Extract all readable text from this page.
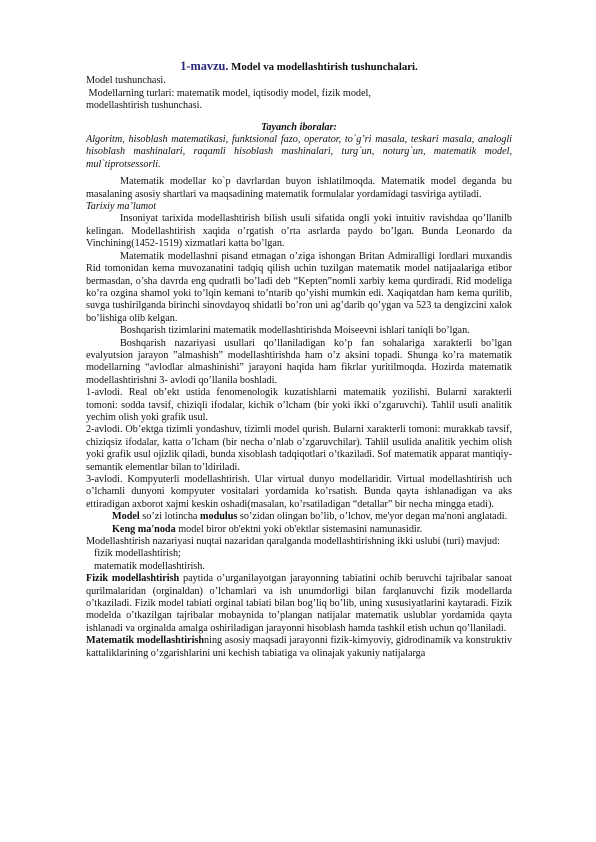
1-mavzu. Model va modellashtirish tushunchalari.
Model tushunchasi.
Modellarning turlari: matematik model, iqtisodiy model, fizik model,
modellashtirish tushunchasi.
Tayanch iboralar:

Algoritm, hisoblash matematikasi, funktsional fazo, operator, to`g’ri masala, teskari masala, analogli hisoblash mashinalari, raqamli hisoblash mashinalari, turg`un, noturg`un, matematik model, mul`tiprotsessorli.

Matematik modellar ko`p davrlardan buyon ishlatilmoqda. Matematik model deganda bu masalaning asosiy shartlari va maqsadining matematik formulalar yordamidagi tasviriga aytiladi.

Tarixiy ma’lumot

Insoniyat tarixida modellashtirish bilish usuli sifatida ongli yoki intuitiv ravishdaa qo’llanilb kelingan. Modellashtirish xaqida o’rgatish o’rta asrlarda paydo bo’lgan. Bunda Leonardo da Vinchining(1452-1519) xizmatlari katta bo’lgan.

Matematik modellashni pisand etmagan o’ziga ishongan Britan Admiralligi lordlari muxandis Rid tomonidan kema muvozanatini tadqiq qilish uchin tuzilgan matematik model natijaalariga etibor bermasdan, o’sha davrda eng qudratli bo’ladi deb “Kepten”nomli xarbiy kema qurdiradi. Rid modeliga ko’ra ozgina shamol yoki to’lqin kemani to’ntarib qo’yishi mumkin edi. Xaqiqatdan ham kema qurilib, suvga tushirilganda birinchi sinovdayoq shidatli bo’ron uni ag’darib qo’ygan va 523 ta dengizcini xalok bo’lishiga olib kelgan.

Boshqarish tizimlarini matematik modellashtirishda Moiseevni ishlari taniqli bo’lgan.

Boshqarish nazariyasi usullari qo’llaniladigan ko’p fan sohalariga xarakterli bo’lgan evalyutsion jarayon ”almashish” modellashtirishda ham o’z aksini topadi. Shunga ko’ra matematik modellarning “avlodlar almashinishi” jarayoni haqida ham fikrlar yuritilmoqda. Hozirda matematik modellashtirishni 3- avlodi qo’llanila boshladi.

1-avlodi. Real ob’ekt ustida fenomenologik kuzatishlarni matematik yozilishi. Bularni xarakterli tomoni: sodda tavsif, chiziqli ifodalar, kichik o’lcham (bir yoki ikki o’zgaruvchi). Tahlil usuli analitik yechim olish yoki grafik usul.

2-avlodi. Ob’ektga tizimli yondashuv, tizimli model qurish. Bularni xarakterli tomoni: murakkab tavsif, chiziqsiz ifodalar, katta o’lcham (bir necha o’nlab o’zgaruvchilar). Tahlil usulida analitik yechim olish yoki grafik usul ojizlik qiladi, bunda xisoblash tadqiqotlari o’tkaziladi. Sof matematik apparat mantiqiy-semantik elementlar bilan to’ldiriladi.

3-avlodi. Kompyuterli modellashtirish. Ular virtual dunyo modellaridir. Virtual modellashtirish uch o’lchamli dunyoni kompyuter vositalari yordamida ko’rsatish. Bunda qayta ishlanadigan va aks ettiradigan axborot xajmi keskin oshadi(masalan, ko’rsatiladigan “detallar” bir necha mingga etadi).

Model so’zi lotincha modulus so’zidan olingan bo’lib, o’lchov, me'yor degan ma'noni anglatadi.

Keng ma'noda model biror ob'ektni yoki ob'ektlar sistemasini namunasidir.

Modellashtirish nazariyasi nuqtai nazaridan qaralganda modellashtirishning ikki uslubi (turi) mavjud:

fizik modellashtirish;
matematik modellashtirish.

Fizik modellashtirish paytida o’urganilayotgan jarayonning tabiatini ochib beruvchi tajribalar sanoat qurilmalaridan (orginaldan) o’lchamlari va ish unumdorligi bilan farqlanuvchi fizik modellarda o’tkaziladi. Fizik model tabiati orginal tabiati bilan bog’liq bo’lib, uning xususiyatlarini kaytaradi. Fizik modelda o’tkazilgan tajribalar mobaynida to’plangan natijalar matematik uslublar yordamida qayta ishlanadi va orginalda amalga oshiriladigan jarayonni hisoblash hamda tashkil etish uchun qo’llaniladi.

Matematik modellashtirishning asosiy maqsadi jarayonni fizik-kimyoviy, gidrodinamik va konstruktiv kattaliklarining o’zgarishlarini uni kechish tabiatiga va olinajak yakuniy natijalarga
